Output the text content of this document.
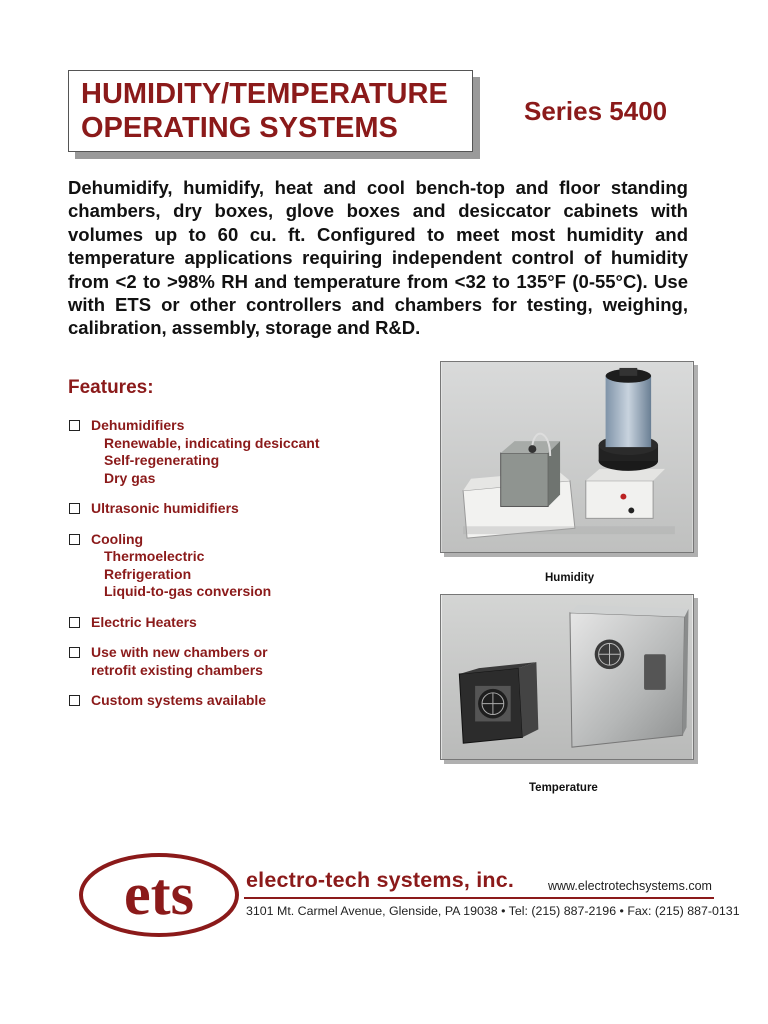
HUMIDITY/TEMPERATURE
OPERATING SYSTEMS
Series 5400
Dehumidify, humidify, heat and cool bench-top and floor standing chambers, dry boxes, glove boxes and desiccator cabinets with volumes up to 60 cu. ft. Configured to meet most humidity and temperature applications requiring independent control of humidity from <2 to >98% RH and temperature from <32 to 135°F (0-55°C). Use with ETS or other controllers and chambers for testing, weighing, calibration, assembly, storage and R&D.
Features:
Dehumidifiers
Renewable, indicating desiccant
Self-regenerating
Dry gas
Ultrasonic humidifiers
Cooling
Thermoelectric
Refrigeration
Liquid-to-gas conversion
Electric Heaters
Use with new chambers or
retrofit existing chambers
Custom systems available
Humidity
Temperature
ets electro-tech systems, inc.	www.electrotechsystems.com
3101 Mt. Carmel Avenue, Glenside, PA 19038 • Tel: (215) 887-2196 • Fax: (215) 887-0131
